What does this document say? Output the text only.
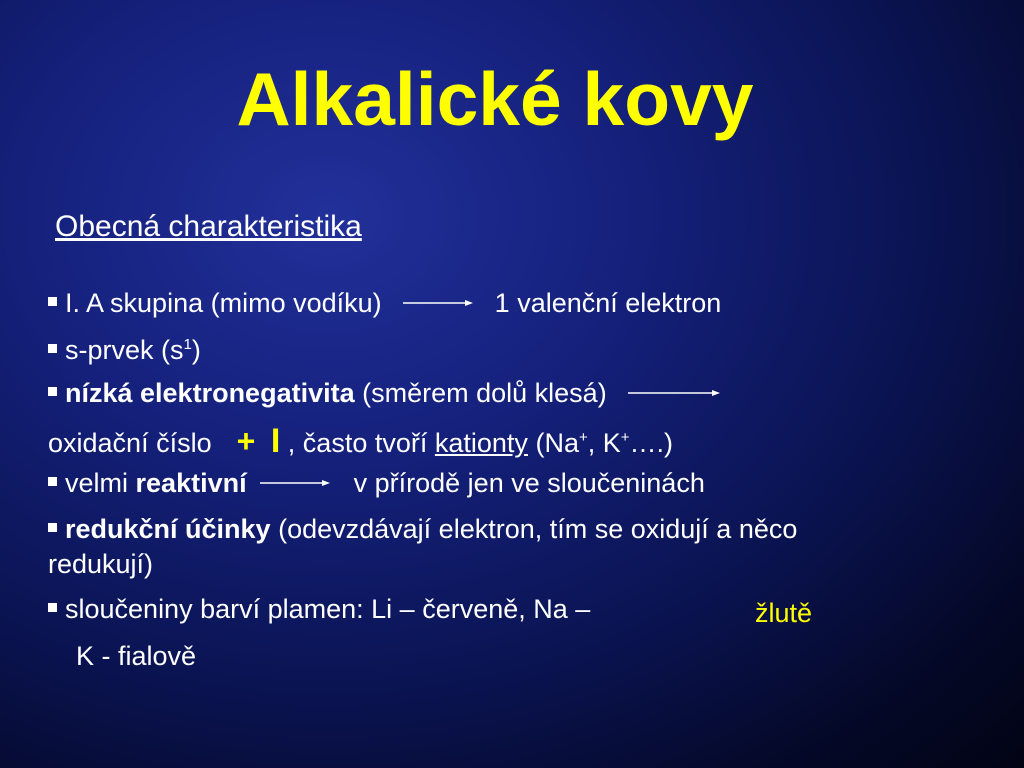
Alkalické kovy
Obecná charakteristika
I. A skupina (mimo vodíku)	1 valenční elektron
s-prvek $(s^1)$
nízká elektronegativita (směrem dolů klesá)
oxidační číslo + I , často tvoří kationty (Na+, K+….)
velmi reaktivní	v přírodě jen ve sloučeninách
redukční účinky (odevzdávají elektron, tím se oxidují a něco
redukují)
sloučeniny barví plamen: Li – červeně, Na –	žlutě
K - fialově
